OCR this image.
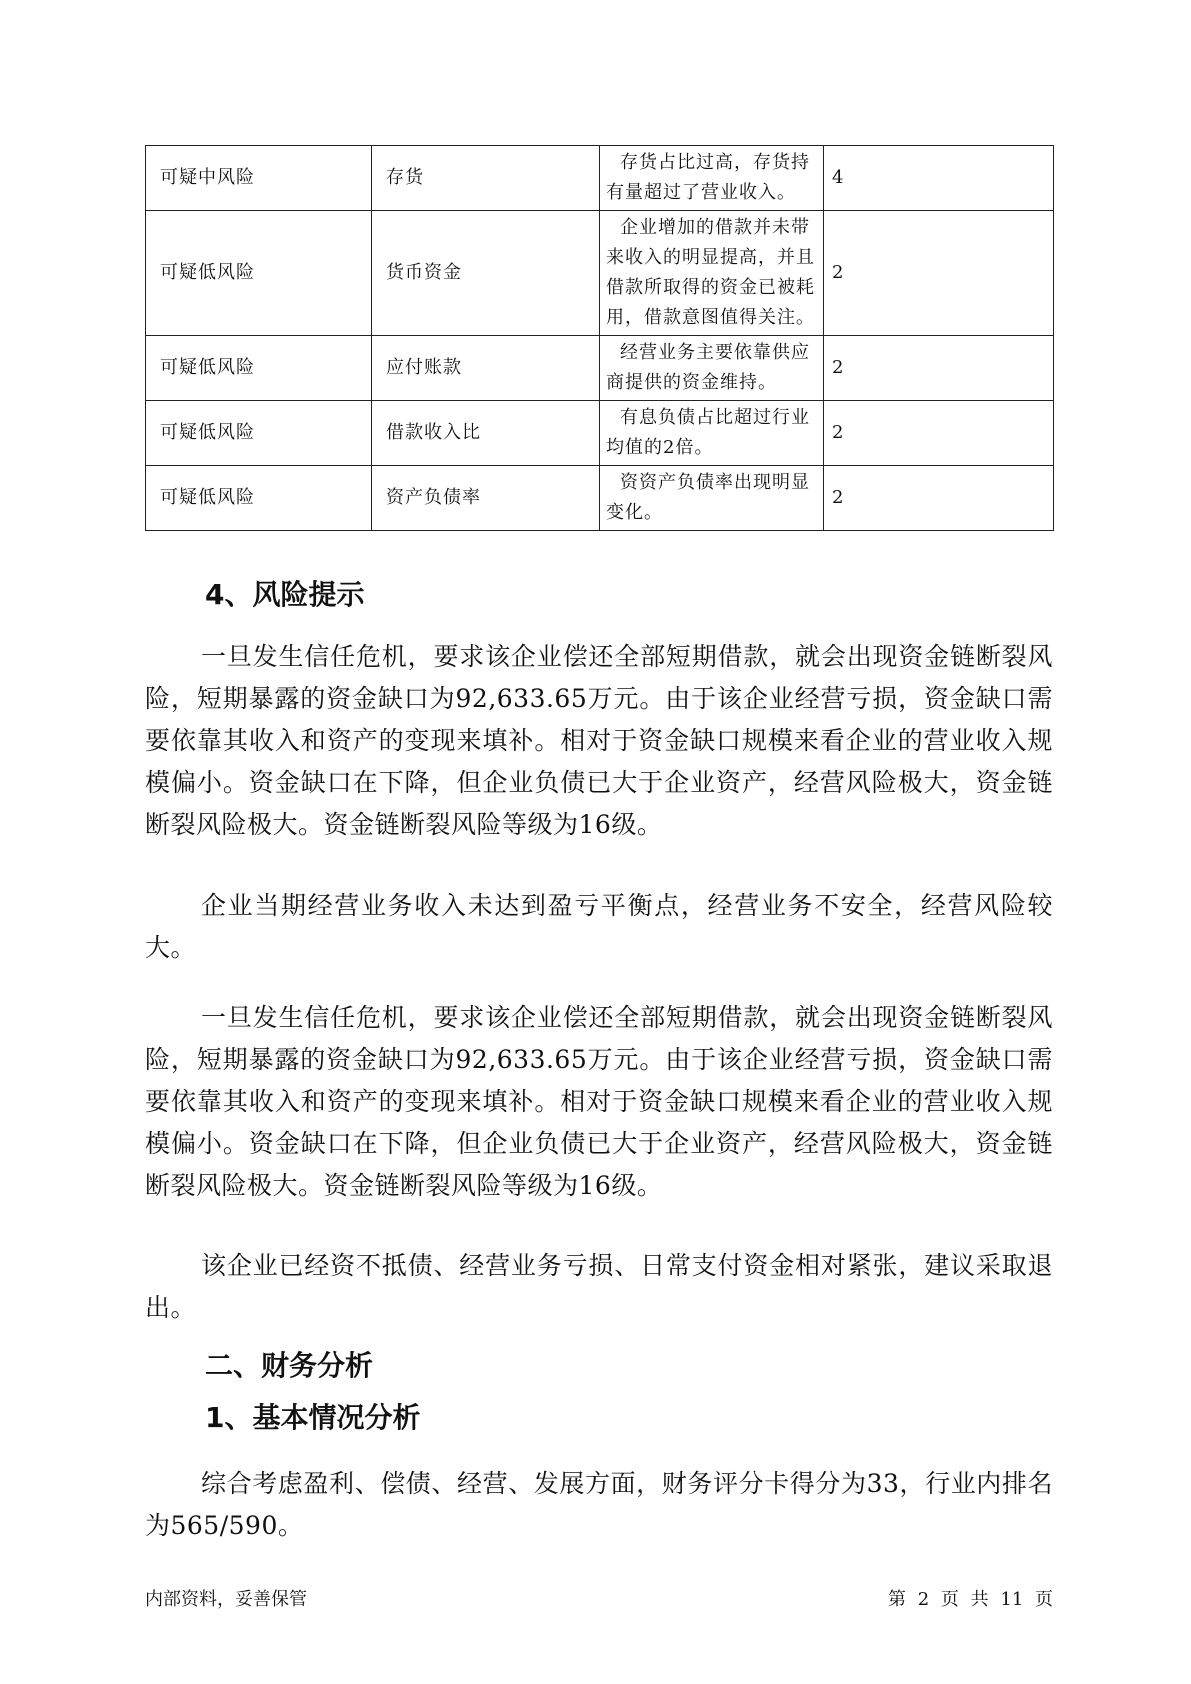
可疑中风险	存货	存货占比过高，存货持有量超过了营业收入。	4
可疑低风险	货币资金	企业增加的借款并未带来收入的明显提高，并且借款所取得的资金已被耗用，借款意图值得关注。	2
可疑低风险	应付账款	经营业务主要依靠供应商提供的资金维持。	2
可疑低风险	借款收入比	有息负债占比超过行业均值的2倍。	2
可疑低风险	资产负债率	资资产负债率出现明显变化。	2
4、风险提示

一旦发生信任危机，要求该企业偿还全部短期借款，就会出现资金链断裂风险，短期暴露的资金缺口为92,633.65万元。由于该企业经营亏损，资金缺口需要依靠其收入和资产的变现来填补。相对于资金缺口规模来看企业的营业收入规模偏小。资金缺口在下降，但企业负债已大于企业资产，经营风险极大，资金链断裂风险极大。资金链断裂风险等级为16级。

企业当期经营业务收入未达到盈亏平衡点，经营业务不安全，经营风险较大。

一旦发生信任危机，要求该企业偿还全部短期借款，就会出现资金链断裂风险，短期暴露的资金缺口为92,633.65万元。由于该企业经营亏损，资金缺口需要依靠其收入和资产的变现来填补。相对于资金缺口规模来看企业的营业收入规模偏小。资金缺口在下降，但企业负债已大于企业资产，经营风险极大，资金链断裂风险极大。资金链断裂风险等级为16级。

该企业已经资不抵债、经营业务亏损、日常支付资金相对紧张，建议采取退出。

二、财务分析
1、基本情况分析

综合考虑盈利、偿债、经营、发展方面，财务评分卡得分为33，行业内排名为565/590。

内部资料，妥善保管	第 2 页 共 11 页
